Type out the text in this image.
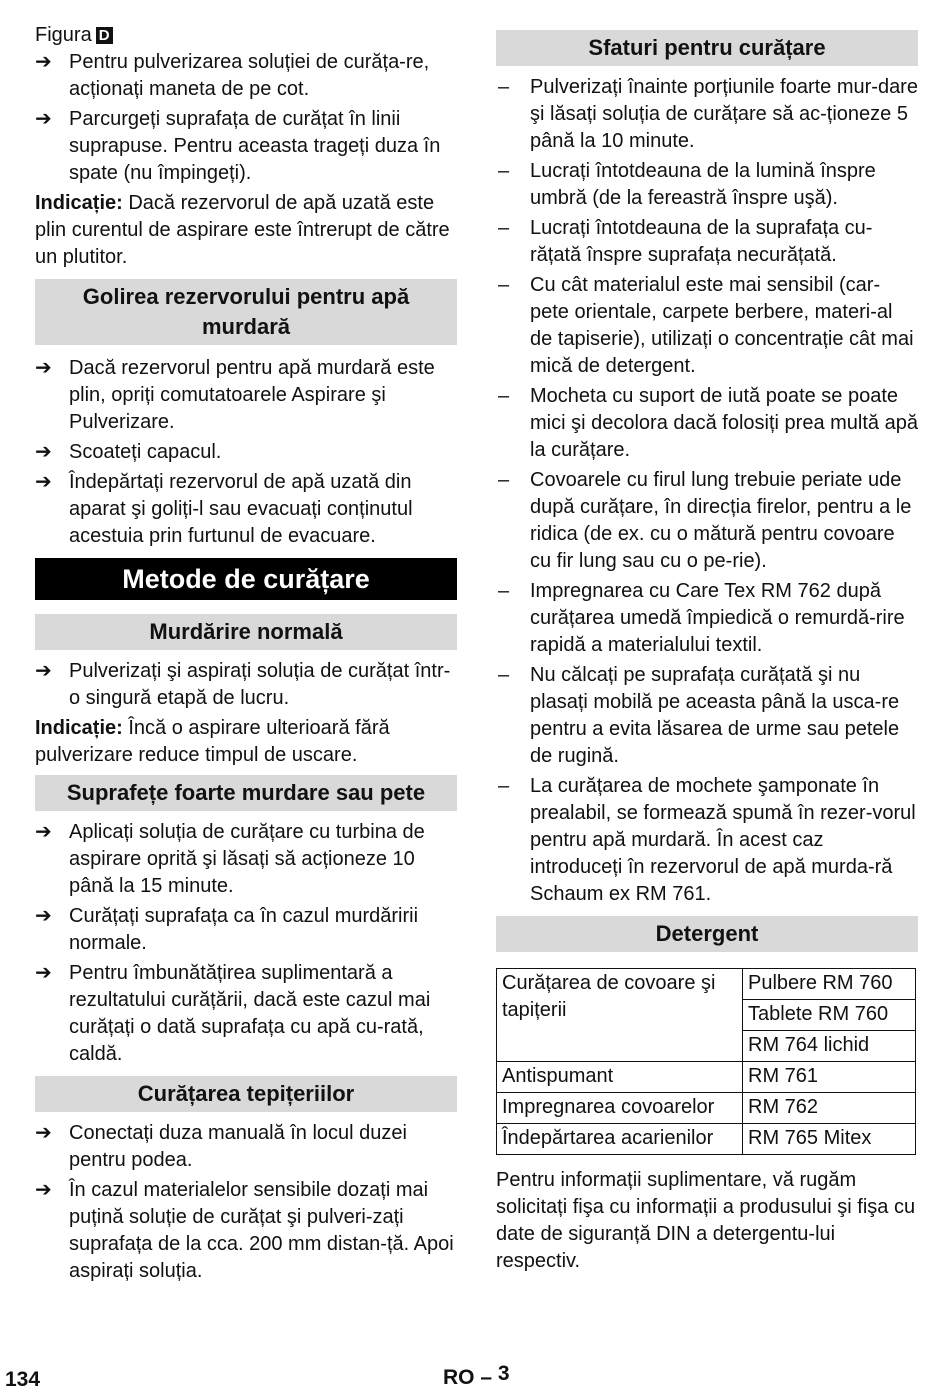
Figura D

➔ Pentru pulverizarea soluției de curăța-re, acționați maneta de pe cot.
➔ Parcurgeți suprafața de curățat în linii suprapuse. Pentru aceasta trageți duza în spate (nu împingeți).

Indicație: Dacă rezervorul de apă uzată este plin curentul de aspirare este întrerupt de către un plutitor.

Golirea rezervorului pentru apă murdară
➔ Dacă rezervorul pentru apă murdară este plin, opriți comutatoarele Aspirare şi Pulverizare.
➔ Scoateți capacul.
➔ Îndepărtați rezervorul de apă uzată din aparat şi goliți-l sau evacuați conținutul acestuia prin furtunul de evacuare.
Metode de curățare
Murdărire normală
➔ Pulverizați şi aspirați soluția de curățat într-o singură etapă de lucru.

Indicație: Încă o aspirare ulterioară fără pulverizare reduce timpul de uscare.

Suprafețe foarte murdare sau pete
➔ Aplicați soluția de curățare cu turbina de aspirare oprită şi lăsați să acționeze 10 până la 15 minute.
➔ Curățați suprafața ca în cazul murdăririi normale.
➔ Pentru îmbunătățirea suplimentară a rezultatului curățării, dacă este cazul mai curățați o dată suprafața cu apă cu-rată, caldă.
Curățarea tepițeriilor
➔ Conectați duza manuală în locul duzei pentru podea.
➔ În cazul materialelor sensibile dozați mai puțină soluție de curățat şi pulveri-zați suprafața de la cca. 200 mm distan-ță. Apoi aspirați soluția.
Sfaturi pentru curățare
– Pulverizați înainte porțiunile foarte mur-dare şi lăsați soluția de curățare să ac-ționeze 5 până la 10 minute.
– Lucrați întotdeauna de la lumină înspre umbră (de la fereastră înspre uşă).
– Lucrați întotdeauna de la suprafața cu-rățată înspre suprafața necurățată.
– Cu cât materialul este mai sensibil (car-pete orientale, carpete berbere, materi-al de tapiserie), utilizați o concentrație cât mai mică de detergent.
– Mocheta cu suport de iută poate se poate mici şi decolora dacă folosiți prea multă apă la curățare.
– Covoarele cu firul lung trebuie periate ude după curățare, în direcția firelor, pentru a le ridica (de ex. cu o mătură pentru covoare cu fir lung sau cu o pe-rie).
– Impregnarea cu Care Tex RM 762 după curățarea umedă împiedică o remurdă-rire rapidă a materialului textil.
– Nu călcați pe suprafața curățată şi nu plasați mobilă pe aceasta până la usca-re pentru a evita lăsarea de urme sau petele de rugină.
– La curățarea de mochete şamponate în prealabil, se formează spumă în rezer-vorul pentru apă murdară. În acest caz introduceți în rezervorul de apă murda-ră Schaum ex RM 761.
Detergent
Curățarea de covoare şi tapițerii	Pulbere RM 760
	Tablete RM 760
	RM 764 lichid
Antispumant	RM 761
Impregnarea covoarelor	RM 762
Îndepărtarea acarienilor	RM 765 Mitex

Pentru informații suplimentare, vă rugăm solicitați fişa cu informații a produsului şi fişa cu date de siguranță DIN a detergentu-lui respectiv.

134	RO – 3
